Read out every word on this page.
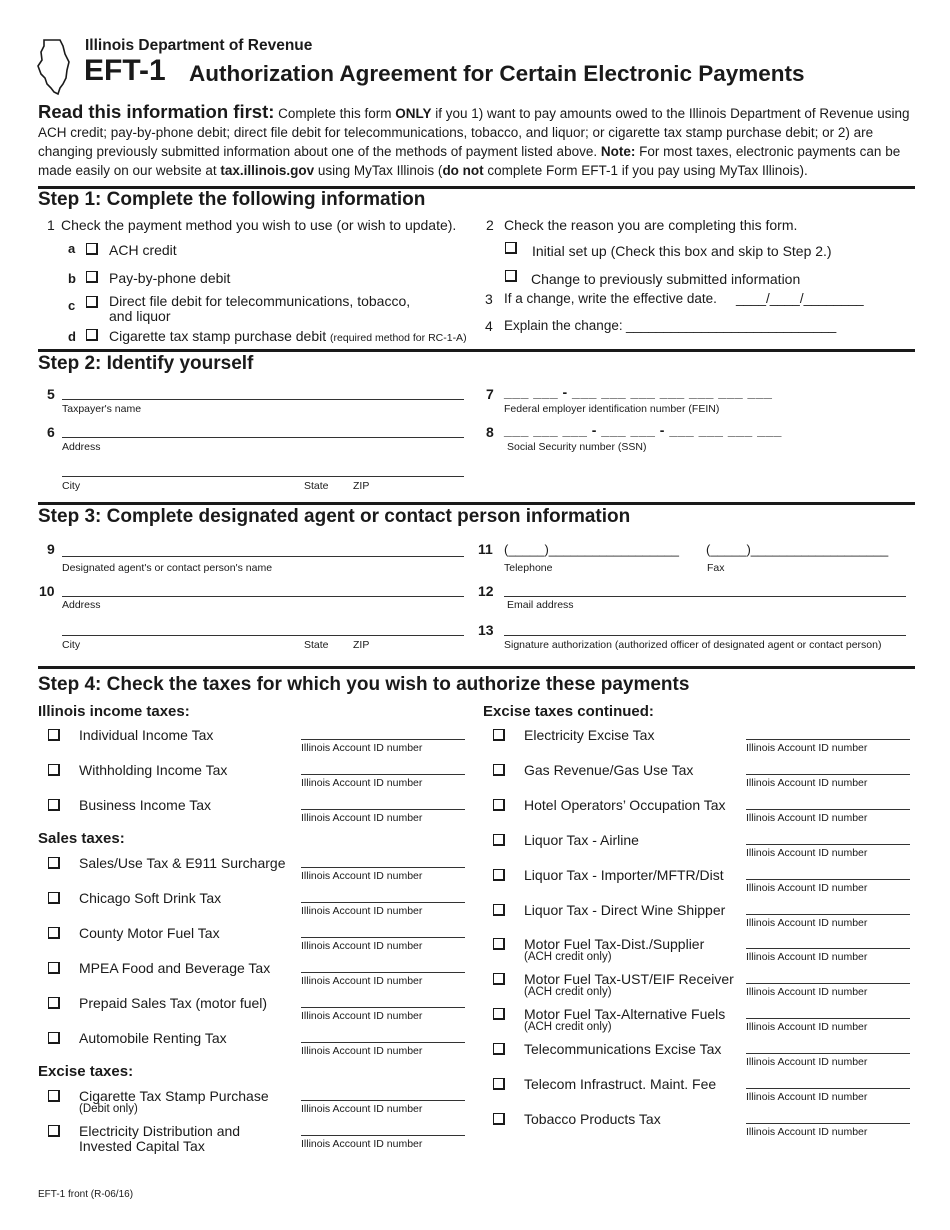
Illinois Department of Revenue
EFT-1 Authorization Agreement for Certain Electronic Payments
Read this information first: Complete this form ONLY if you 1) want to pay amounts owed to the Illinois Department of Revenue using ACH credit; pay-by-phone debit; direct file debit for telecommunications, tobacco, and liquor; or cigarette tax stamp purchase debit; or 2) are changing previously submitted information about one of the methods of payment listed above. Note: For most taxes, electronic payments can be made easily on our website at tax.illinois.gov using MyTax Illinois (do not complete Form EFT-1 if you pay using MyTax Illinois).
Step 1: Complete the following information
1 Check the payment method you wish to use (or wish to update).
a ACH credit
b Pay-by-phone debit
c Direct file debit for telecommunications, tobacco,
and liquor
d Cigarette tax stamp purchase debit (required method for RC-1-A)
2 Check the reason you are completing this form.
Initial set up (Check this box and skip to Step 2.)
Change to previously submitted information
3 If a change, write the effective date. ____/____/________
4 Explain the change: ____________________________
Step 2: Identify yourself
5
Taxpayer's name
6
Address
City	State ZIP
7 ___ ___ - ___ ___ ___ ___ ___ ___ ___
Federal employer identification number (FEIN)
8 ___ ___ ___ - ___ ___ - ___ ___ ___ ___
Social Security number (SSN)
Step 3: Complete designated agent or contact person information
9
Designated agent's or contact person's name
10
Address
City	State ZIP
11 (_____)__________________ (_____)___________________
Telephone	Fax
12
Email address
13
Signature authorization (authorized officer of designated agent or contact person)
Step 4: Check the taxes for which you wish to authorize these payments
Illinois income taxes:
Sales taxes:
Excise taxes:
Excise taxes continued:
Individual Income Tax
Illinois Account ID number
Withholding Income Tax
Illinois Account ID number
Business Income Tax
Illinois Account ID number
Sales/Use Tax & E911 Surcharge
Illinois Account ID number
Chicago Soft Drink Tax
Illinois Account ID number
County Motor Fuel Tax
Illinois Account ID number
MPEA Food and Beverage Tax
Illinois Account ID number
Prepaid Sales Tax (motor fuel)
Illinois Account ID number
Automobile Renting Tax
Illinois Account ID number
Cigarette Tax Stamp Purchase
(Debit only)	Illinois Account ID number
Electricity Distribution and
Invested Capital Tax	Illinois Account ID number
Electricity Excise Tax
Illinois Account ID number
Gas Revenue/Gas Use Tax
Illinois Account ID number
Hotel Operators’ Occupation Tax
Illinois Account ID number
Liquor Tax - Airline
Illinois Account ID number
Liquor Tax - Importer/MFTR/Dist
Illinois Account ID number
Liquor Tax - Direct Wine Shipper
Illinois Account ID number
Motor Fuel Tax-Dist./Supplier
(ACH credit only)	Illinois Account ID number
Motor Fuel Tax-UST/EIF Receiver
(ACH credit only)	Illinois Account ID number
Motor Fuel Tax-Alternative Fuels
(ACH credit only)	Illinois Account ID number
Telecommunications Excise Tax
Illinois Account ID number
Telecom Infrastruct. Maint. Fee
Illinois Account ID number
Tobacco Products Tax
Illinois Account ID number
EFT-1 front (R-06/16)
